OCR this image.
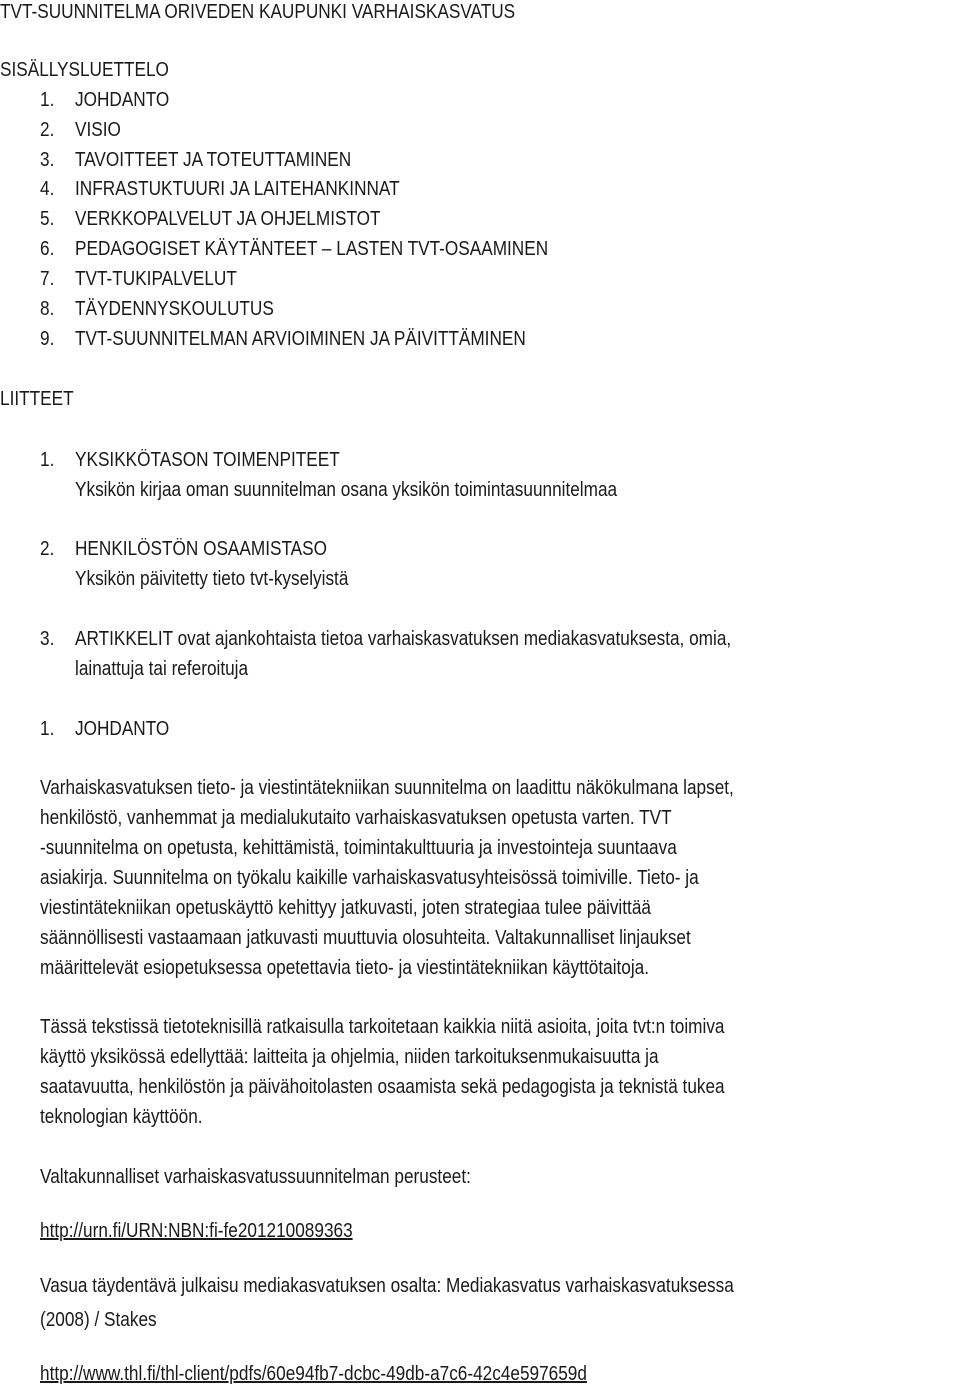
TVT-SUUNNITELMA ORIVEDEN KAUPUNKI VARHAISKASVATUS
SISÄLLYSLUETTELO
1. JOHDANTO
2. VISIO
3. TAVOITTEET JA TOTEUTTAMINEN
4. INFRASTUKTUURI JA LAITEHANKINNAT
5. VERKKOPALVELUT JA OHJELMISTOT
6. PEDAGOGISET KÄYTÄNTEET – LASTEN TVT-OSAAMINEN
7. TVT-TUKIPALVELUT
8. TÄYDENNYSKOULUTUS
9. TVT-SUUNNITELMAN ARVIOIMINEN JA PÄIVITTÄMINEN
LIITTEET
1. YKSIKKÖTASON TOIMENPITEET
Yksikön kirjaa oman suunnitelman osana yksikön toimintasuunnitelmaa
2. HENKILÖSTÖN OSAAMISTASO
Yksikön päivitetty tieto tvt-kyselyistä
3. ARTIKKELIT ovat ajankohtaista tietoa varhaiskasvatuksen mediakasvatuksesta, omia,
lainattuja tai referoituja
1. JOHDANTO
Varhaiskasvatuksen tieto- ja viestintätekniikan suunnitelma on laadittu näkökulmana lapset,
henkilöstö, vanhemmat ja medialukutaito varhaiskasvatuksen opetusta varten. TVT
-suunnitelma on opetusta, kehittämistä, toimintakulttuuria ja investointeja suuntaava
asiakirja. Suunnitelma on työkalu kaikille varhaiskasvatusyhteisössä toimiville. Tieto- ja
viestintätekniikan opetuskäyttö kehittyy jatkuvasti, joten strategiaa tulee päivittää
säännöllisesti vastaamaan jatkuvasti muuttuvia olosuhteita. Valtakunnalliset linjaukset
määrittelevät esiopetuksessa opetettavia tieto- ja viestintätekniikan käyttötaitoja.
Tässä tekstissä tietoteknisillä ratkaisulla tarkoitetaan kaikkia niitä asioita, joita tvt:n toimiva
käyttö yksikössä edellyttää: laitteita ja ohjelmia, niiden tarkoituksenmukaisuutta ja
saatavuutta, henkilöstön ja päivähoitolasten osaamista sekä pedagogista ja teknistä tukea
teknologian käyttöön.
Valtakunnalliset varhaiskasvatussuunnitelman perusteet:
http://urn.fi/URN:NBN:fi-fe201210089363
Vasua täydentävä julkaisu mediakasvatuksen osalta: Mediakasvatus varhaiskasvatuksessa
(2008) / Stakes
http://www.thl.fi/thl-client/pdfs/60e94fb7-dcbc-49db-a7c6-42c4e597659d
